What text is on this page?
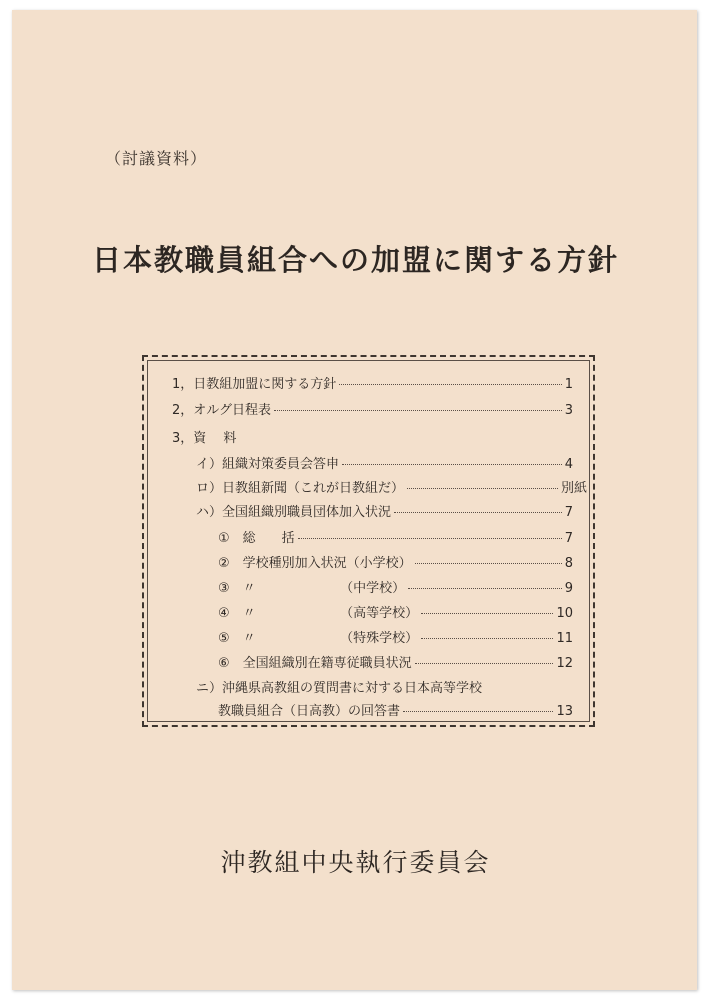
（討議資料）
日本教職員組合への加盟に関する方針
1，日教組加盟に関する方針	1
2，オルグ日程表	3
3，資　 料
イ）組織対策委員会答申	4
ロ）日教組新聞（これが日教組だ）	別紙
ハ）全国組織別職員団体加入状況	7
①　総　　括	7
②　学校種別加入状況（小学校）	8
③　〃　　　　　　　（中学校）	9
④　〃　　　　　　　（高等学校）	10
⑤　〃　　　　　　　（特殊学校）	11
⑥　全国組織別在籍専従職員状況	12
ニ）沖縄県高教組の質問書に対する日本高等学校
教職員組合（日高教）の回答書	13
沖教組中央執行委員会
